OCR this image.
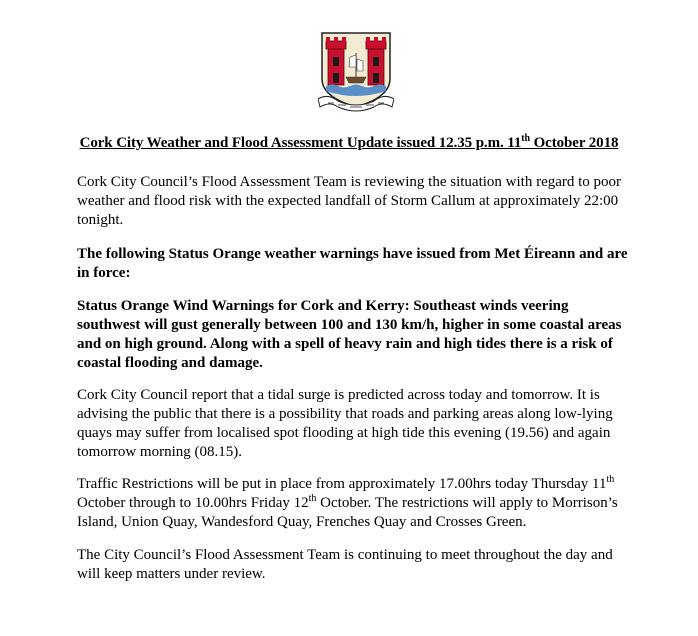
Cork City Weather and Flood Assessment Update issued 12.35 p.m. 11th October 2018

Cork City Council’s Flood Assessment Team is reviewing the situation with regard to poor
weather and flood risk with the expected landfall of Storm Callum at approximately 22:00
tonight.

The following Status Orange weather warnings have issued from Met Éireann and are
in force:

Status Orange Wind Warnings for Cork and Kerry: Southeast winds veering
southwest will gust generally between 100 and 130 km/h, higher in some coastal areas
and on high ground. Along with a spell of heavy rain and high tides there is a risk of
coastal flooding and damage.

Cork City Council report that a tidal surge is predicted across today and tomorrow. It is
advising the public that there is a possibility that roads and parking areas along low-lying
quays may suffer from localised spot flooding at high tide this evening (19.56) and again
tomorrow morning (08.15).

Traffic Restrictions will be put in place from approximately 17.00hrs today Thursday 11th
October through to 10.00hrs Friday 12th October. The restrictions will apply to Morrison’s
Island, Union Quay, Wandesford Quay, Frenches Quay and Crosses Green.

The City Council’s Flood Assessment Team is continuing to meet throughout the day and
will keep matters under review.
